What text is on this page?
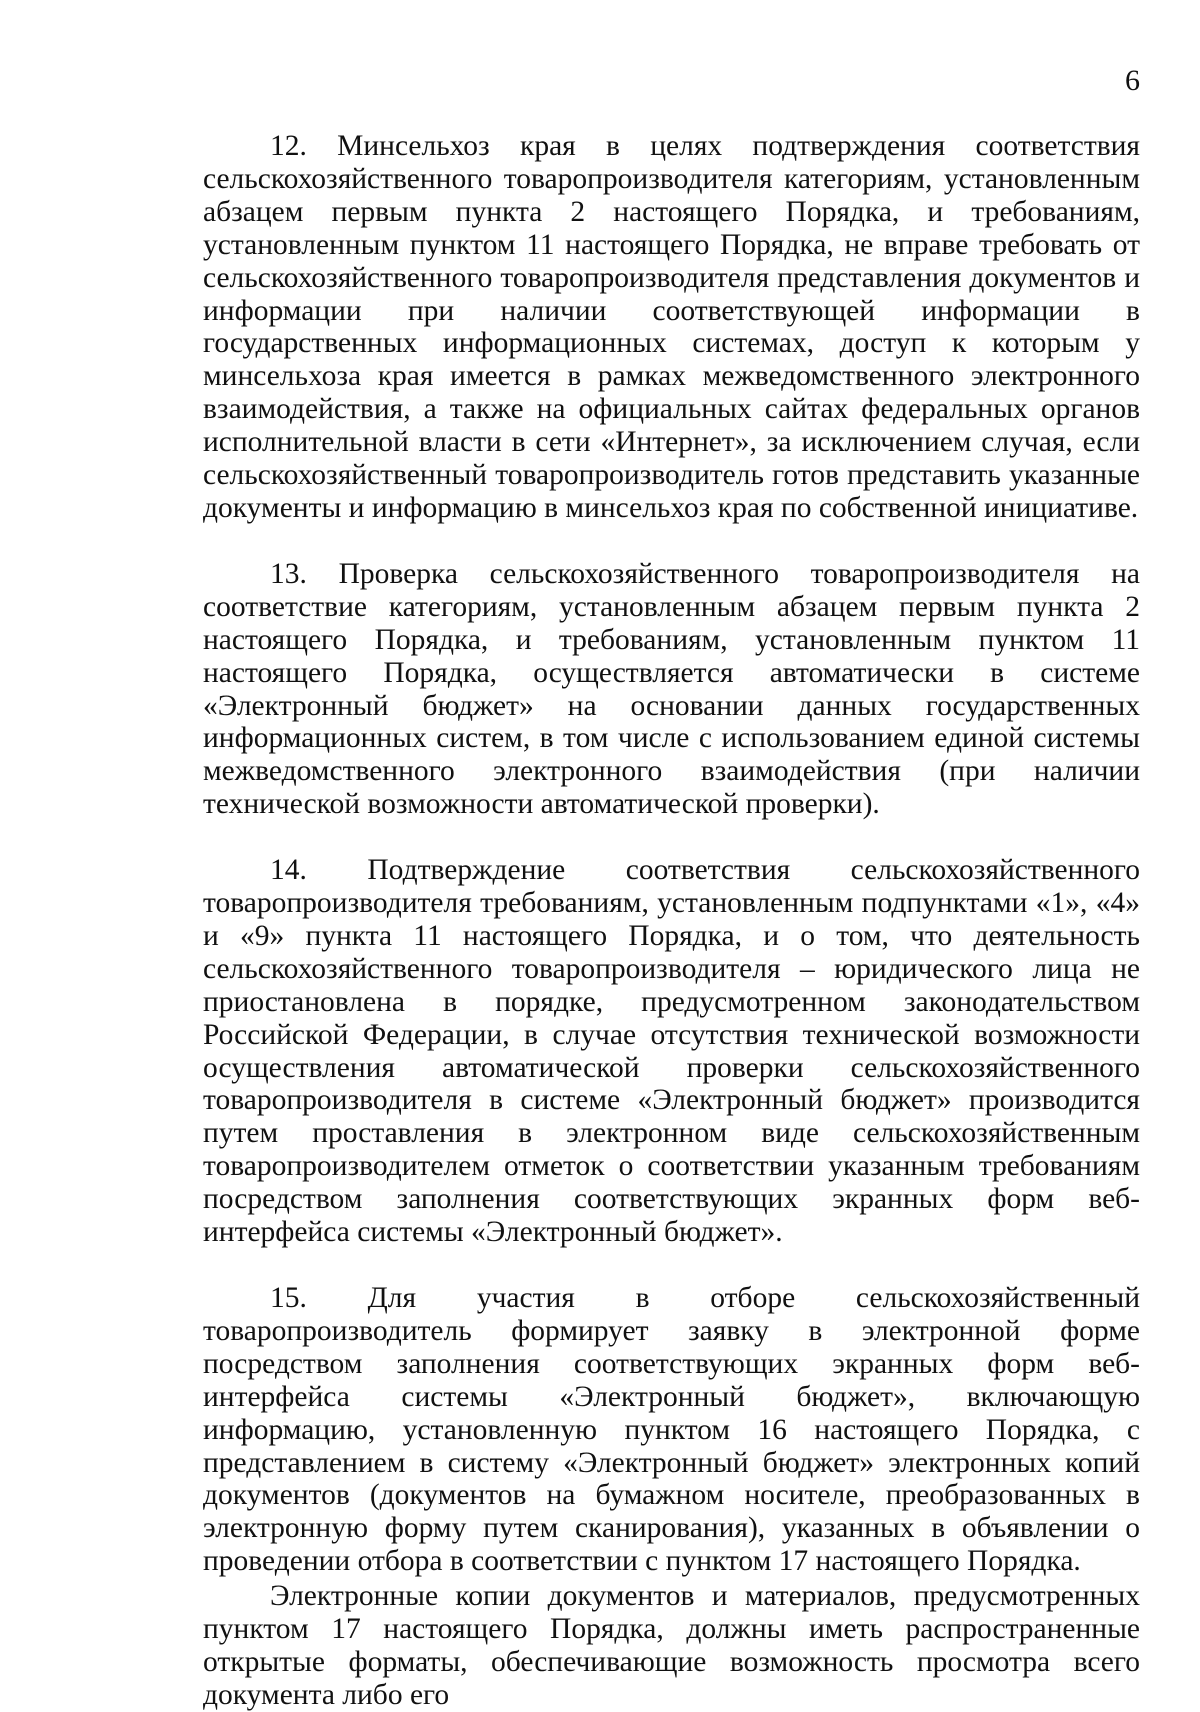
6

12. Минсельхоз края в целях подтверждения соответствия сельскохозяйственного товаропроизводителя категориям, установленным абзацем первым пункта 2 настоящего Порядка, и требованиям, установленным пунктом 11 настоящего Порядка, не вправе требовать от сельскохозяйственного товаропроизводителя представления документов и информации при наличии соответствующей информации в государственных информационных системах, доступ к которым у минсельхоза края имеется в рамках межведомственного электронного взаимодействия, а также на официальных сайтах федеральных органов исполнительной власти в сети «Интернет», за исключением случая, если сельскохозяйственный товаропроизводитель готов представить указанные документы и информацию в минсельхоз края по собственной инициативе.

13. Проверка сельскохозяйственного товаропроизводителя на соответствие категориям, установленным абзацем первым пункта 2 настоящего Порядка, и требованиям, установленным пунктом 11 настоящего Порядка, осуществляется автоматически в системе «Электронный бюджет» на основании данных государственных информационных систем, в том числе с использованием единой системы межведомственного электронного взаимодействия (при наличии технической возможности автоматической проверки).

14. Подтверждение соответствия сельскохозяйственного товаропроизводителя требованиям, установленным подпунктами «1», «4» и «9» пункта 11 настоящего Порядка, и о том, что деятельность сельскохозяйственного товаропроизводителя – юридического лица не приостановлена в порядке, предусмотренном законодательством Российской Федерации, в случае отсутствия технической возможности осуществления автоматической проверки сельскохозяйственного товаропроизводителя в системе «Электронный бюджет» производится путем проставления в электронном виде сельскохозяйственным товаропроизводителем отметок о соответствии указанным требованиям посредством заполнения соответствующих экранных форм веб-интерфейса системы «Электронный бюджет».

15. Для участия в отборе сельскохозяйственный товаропроизводитель формирует заявку в электронной форме посредством заполнения соответствующих экранных форм веб-интерфейса системы «Электронный бюджет», включающую информацию, установленную пунктом 16 настоящего Порядка, с представлением в систему «Электронный бюджет» электронных копий документов (документов на бумажном носителе, преобразованных в электронную форму путем сканирования), указанных в объявлении о проведении отбора в соответствии с пунктом 17 настоящего Порядка.

Электронные копии документов и материалов, предусмотренных пунктом 17 настоящего Порядка, должны иметь распространенные открытые форматы, обеспечивающие возможность просмотра всего документа либо его
